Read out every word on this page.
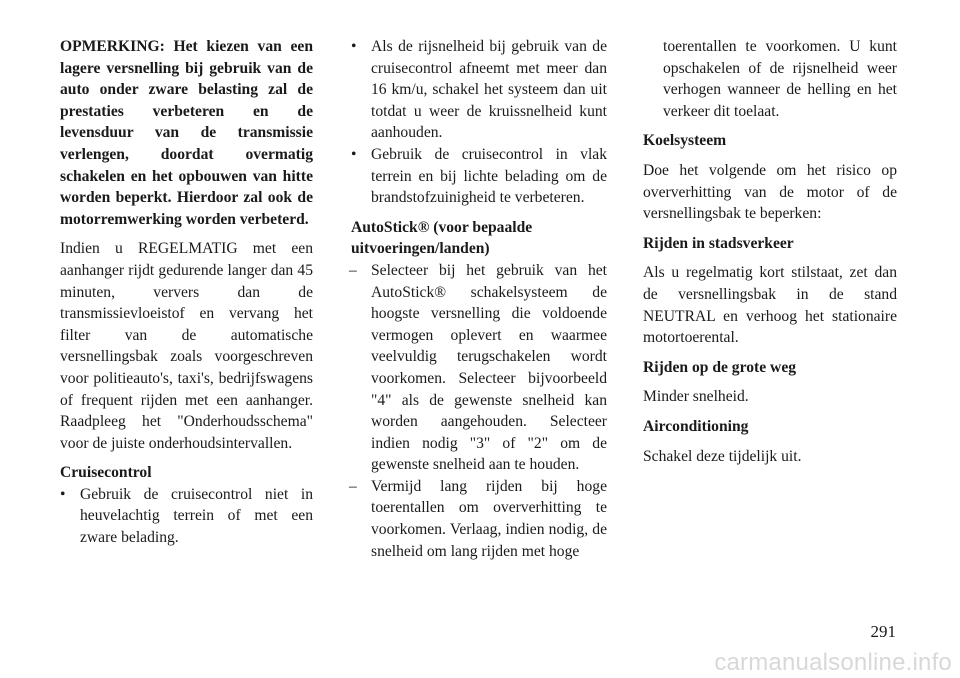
OPMERKING: Het kiezen van een lagere versnelling bij gebruik van de auto onder zware belasting zal de prestaties verbeteren en de levensduur van de transmissie verlengen, doordat overmatig schakelen en het opbouwen van hitte worden beperkt. Hierdoor zal ook de motorremwerking worden verbeterd.

Indien u REGELMATIG met een aanhanger rijdt gedurende langer dan 45 minuten, ververs dan de transmissievloeistof en vervang het filter van de automatische versnellingsbak zoals voorgeschreven voor politieauto's, taxi's, bedrijfswagens of frequent rijden met een aanhanger. Raadpleeg het "Onderhoudsschema" voor de juiste onderhoudsintervallen.

Cruisecontrol

• Gebruik de cruisecontrol niet in heuvelachtig terrein of met een zware belading.

• Als de rijsnelheid bij gebruik van de cruisecontrol afneemt met meer dan 16 km/u, schakel het systeem dan uit totdat u weer de kruissnelheid kunt aanhouden.

• Gebruik de cruisecontrol in vlak terrein en bij lichte belading om de brandstofzuinigheid te verbeteren.

AutoStick® (voor bepaalde uitvoeringen/landen)

– Selecteer bij het gebruik van het AutoStick® schakelsysteem de hoogste versnelling die voldoende vermogen oplevert en waarmee veelvuldig terugschakelen wordt voorkomen. Selecteer bijvoorbeeld "4" als de gewenste snelheid kan worden aangehouden. Selecteer indien nodig "3" of "2" om de gewenste snelheid aan te houden.

– Vermijd lang rijden bij hoge toerentallen om oververhitting te voorkomen. Verlaag, indien nodig, de snelheid om lang rijden met hoge

toerentallen te voorkomen. U kunt opschakelen of de rijsnelheid weer verhogen wanneer de helling en het verkeer dit toelaat.

Koelsysteem

Doe het volgende om het risico op oververhitting van de motor of de versnellingsbak te beperken:

Rijden in stadsverkeer

Als u regelmatig kort stilstaat, zet dan de versnellingsbak in de stand NEUTRAL en verhoog het stationaire motortoerental.

Rijden op de grote weg

Minder snelheid.

Airconditioning

Schakel deze tijdelijk uit.

291
carmanualsonline.info
